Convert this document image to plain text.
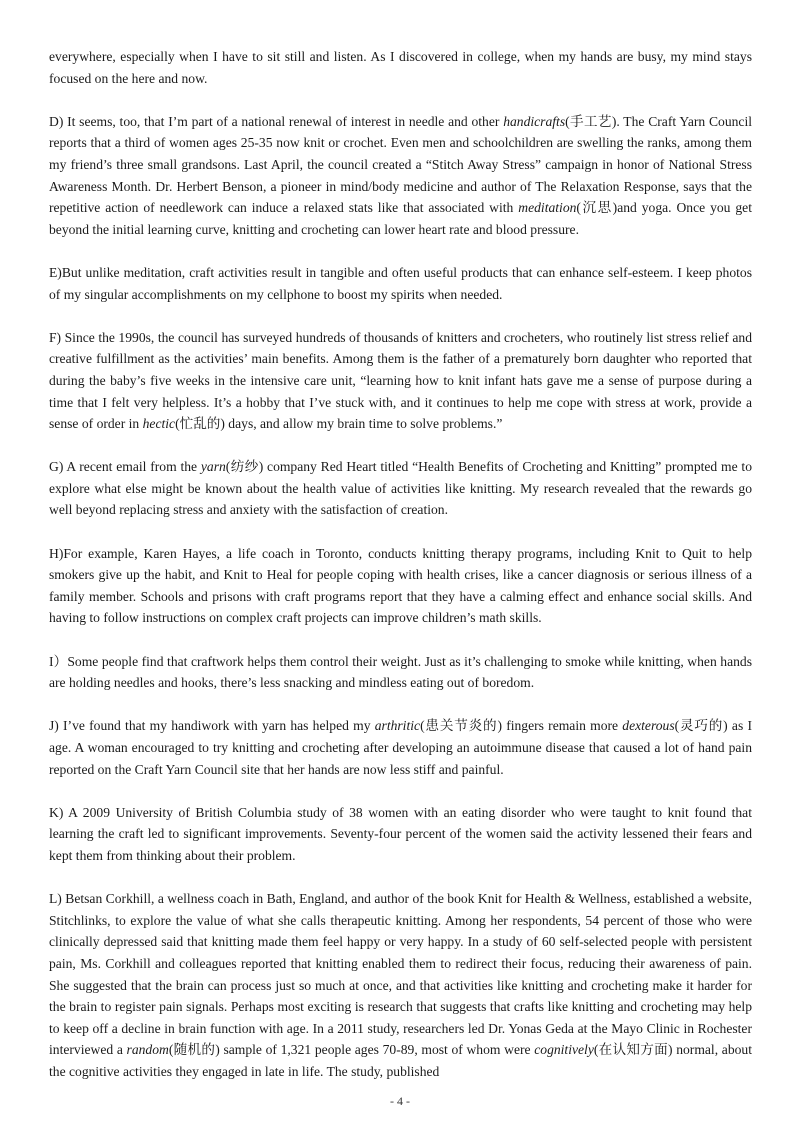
everywhere, especially when I have to sit still and listen. As I discovered in college, when my hands are busy, my mind stays focused on the here and now.

D) It seems, too, that I’m part of a national renewal of interest in needle and other handicrafts(手工艺). The Craft Yarn Council reports that a third of women ages 25-35 now knit or crochet. Even men and schoolchildren are swelling the ranks, among them my friend’s three small grandsons. Last April, the council created a “Stitch Away Stress” campaign in honor of National Stress Awareness Month. Dr. Herbert Benson, a pioneer in mind/body medicine and author of The Relaxation Response, says that the repetitive action of needlework can induce a relaxed stats like that associated with meditation(沉思)and yoga. Once you get beyond the initial learning curve, knitting and crocheting can lower heart rate and blood pressure.

E)But unlike meditation, craft activities result in tangible and often useful products that can enhance self-esteem. I keep photos of my singular accomplishments on my cellphone to boost my spirits when needed.

F) Since the 1990s, the council has surveyed hundreds of thousands of knitters and crocheters, who routinely list stress relief and creative fulfillment as the activities’ main benefits. Among them is the father of a prematurely born daughter who reported that during the baby’s five weeks in the intensive care unit, “learning how to knit infant hats gave me a sense of purpose during a time that I felt very helpless. It’s a hobby that I’ve stuck with, and it continues to help me cope with stress at work, provide a sense of order in hectic(忙乱的) days, and allow my brain time to solve problems.”

G) A recent email from the yarn(纺纱) company Red Heart titled “Health Benefits of Crocheting and Knitting” prompted me to explore what else might be known about the health value of activities like knitting. My research revealed that the rewards go well beyond replacing stress and anxiety with the satisfaction of creation.

H)For example, Karen Hayes, a life coach in Toronto, conducts knitting therapy programs, including Knit to Quit to help smokers give up the habit, and Knit to Heal for people coping with health crises, like a cancer diagnosis or serious illness of a family member. Schools and prisons with craft programs report that they have a calming effect and enhance social skills. And having to follow instructions on complex craft projects can improve children’s math skills.

I）Some people find that craftwork helps them control their weight. Just as it’s challenging to smoke while knitting, when hands are holding needles and hooks, there’s less snacking and mindless eating out of boredom.

J) I’ve found that my handiwork with yarn has helped my arthritic(患关节炎的) fingers remain more dexterous(灵巧的) as I age. A woman encouraged to try knitting and crocheting after developing an autoimmune disease that caused a lot of hand pain reported on the Craft Yarn Council site that her hands are now less stiff and painful.

K) A 2009 University of British Columbia study of 38 women with an eating disorder who were taught to knit found that learning the craft led to significant improvements. Seventy-four percent of the women said the activity lessened their fears and kept them from thinking about their problem.

L) Betsan Corkhill, a wellness coach in Bath, England, and author of the book Knit for Health & Wellness, established a website, Stitchlinks, to explore the value of what she calls therapeutic knitting. Among her respondents, 54 percent of those who were clinically depressed said that knitting made them feel happy or very happy. In a study of 60 self-selected people with persistent pain, Ms. Corkhill and colleagues reported that knitting enabled them to redirect their focus, reducing their awareness of pain. She suggested that the brain can process just so much at once, and that activities like knitting and crocheting make it harder for the brain to register pain signals. Perhaps most exciting is research that suggests that crafts like knitting and crocheting may help to keep off a decline in brain function with age. In a 2011 study, researchers led Dr. Yonas Geda at the Mayo Clinic in Rochester interviewed a random(随机的) sample of 1,321 people ages 70-89, most of whom were cognitively(在认知方面) normal, about the cognitive activities they engaged in late in life. The study, published

- 4 -
